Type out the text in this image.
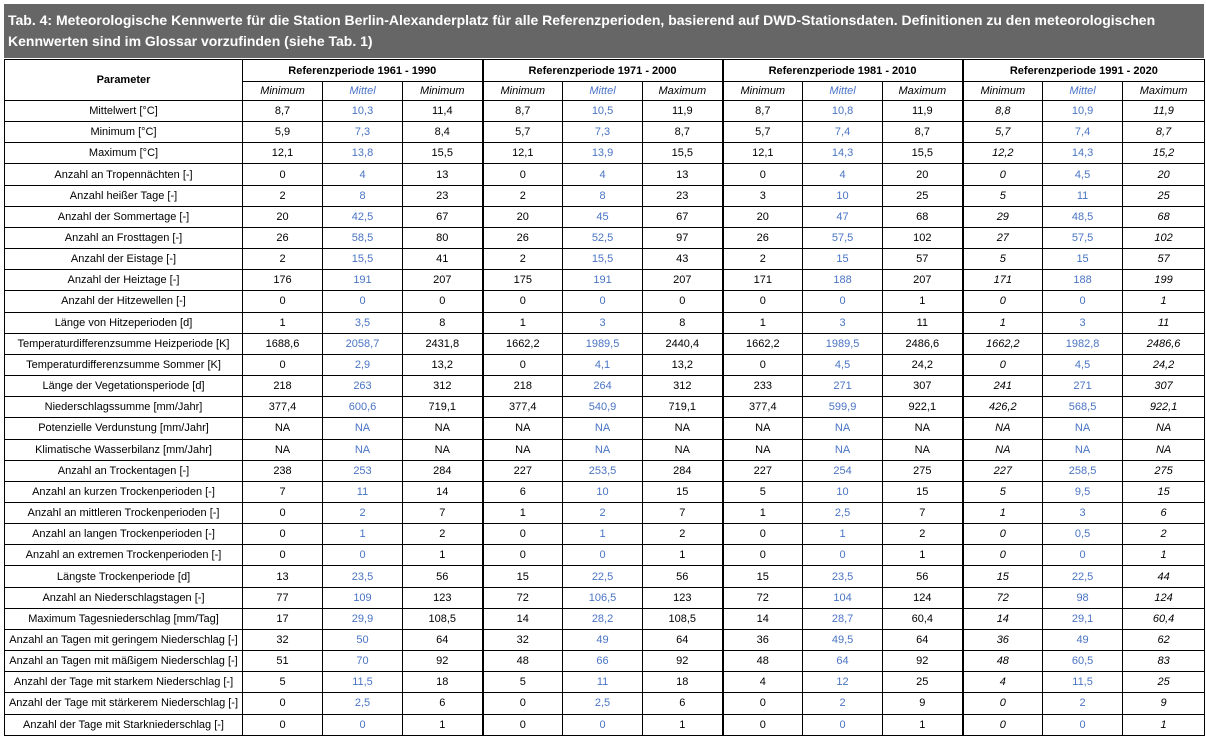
Tab. 4: Meteorologische Kennwerte für die Station Berlin-Alexanderplatz für alle Referenzperioden, basierend auf DWD-Stationsdaten. Definitionen zu den meteorologischen Kennwerten sind im Glossar vorzufinden (siehe Tab. 1)
Parameter	Referenzperiode 1961 - 1990			Referenzperiode 1971 - 2000			Referenzperiode 1981 - 2010			Referenzperiode 1991 - 2020		
	Minimum	Mittel	Minimum	Minimum	Mittel	Maximum	Minimum	Mittel	Maximum	Minimum	Mittel	Maximum
Mittelwert [°C]	8,7	10,3	11,4	8,7	10,5	11,9	8,7	10,8	11,9	8,8	10,9	11,9
Minimum [°C]	5,9	7,3	8,4	5,7	7,3	8,7	5,7	7,4	8,7	5,7	7,4	8,7
Maximum [°C]	12,1	13,8	15,5	12,1	13,9	15,5	12,1	14,3	15,5	12,2	14,3	15,2
Anzahl an Tropennächten [-]	0	4	13	0	4	13	0	4	20	0	4,5	20
Anzahl heißer Tage [-]	2	8	23	2	8	23	3	10	25	5	11	25
Anzahl der Sommertage [-]	20	42,5	67	20	45	67	20	47	68	29	48,5	68
Anzahl an Frosttagen [-]	26	58,5	80	26	52,5	97	26	57,5	102	27	57,5	102
Anzahl der Eistage [-]	2	15,5	41	2	15,5	43	2	15	57	5	15	57
Anzahl der Heiztage [-]	176	191	207	175	191	207	171	188	207	171	188	199
Anzahl der Hitzewellen [-]	0	0	0	0	0	0	0	0	1	0	0	1
Länge von Hitzeperioden [d]	1	3,5	8	1	3	8	1	3	11	1	3	11
Temperaturdifferenzsumme Heizperiode [K]	1688,6	2058,7	2431,8	1662,2	1989,5	2440,4	1662,2	1989,5	2486,6	1662,2	1982,8	2486,6
Temperaturdifferenzsumme Sommer [K]	0	2,9	13,2	0	4,1	13,2	0	4,5	24,2	0	4,5	24,2
Länge der Vegetationsperiode [d]	218	263	312	218	264	312	233	271	307	241	271	307
Niederschlagssumme [mm/Jahr]	377,4	600,6	719,1	377,4	540,9	719,1	377,4	599,9	922,1	426,2	568,5	922,1
Potenzielle Verdunstung [mm/Jahr]	NA	NA	NA	NA	NA	NA	NA	NA	NA	NA	NA	NA
Klimatische Wasserbilanz [mm/Jahr]	NA	NA	NA	NA	NA	NA	NA	NA	NA	NA	NA	NA
Anzahl an Trockentagen [-]	238	253	284	227	253,5	284	227	254	275	227	258,5	275
Anzahl an kurzen Trockenperioden [-]	7	11	14	6	10	15	5	10	15	5	9,5	15
Anzahl an mittleren Trockenperioden [-]	0	2	7	1	2	7	1	2,5	7	1	3	6
Anzahl an langen Trockenperioden [-]	0	1	2	0	1	2	0	1	2	0	0,5	2
Anzahl an extremen Trockenperioden [-]	0	0	1	0	0	1	0	0	1	0	0	1
Längste Trockenperiode [d]	13	23,5	56	15	22,5	56	15	23,5	56	15	22,5	44
Anzahl an Niederschlagstagen [-]	77	109	123	72	106,5	123	72	104	124	72	98	124
Maximum Tagesniederschlag [mm/Tag]	17	29,9	108,5	14	28,2	108,5	14	28,7	60,4	14	29,1	60,4
Anzahl an Tagen mit geringem Niederschlag [-]	32	50	64	32	49	64	36	49,5	64	36	49	62
Anzahl an Tagen mit mäßigem Niederschlag [-]	51	70	92	48	66	92	48	64	92	48	60,5	83
Anzahl der Tage mit starkem Niederschlag [-]	5	11,5	18	5	11	18	4	12	25	4	11,5	25
Anzahl der Tage mit stärkerem Niederschlag [-]	0	2,5	6	0	2,5	6	0	2	9	0	2	9
Anzahl der Tage mit Starkniederschlag [-]	0	0	1	0	0	1	0	0	1	0	0	1
